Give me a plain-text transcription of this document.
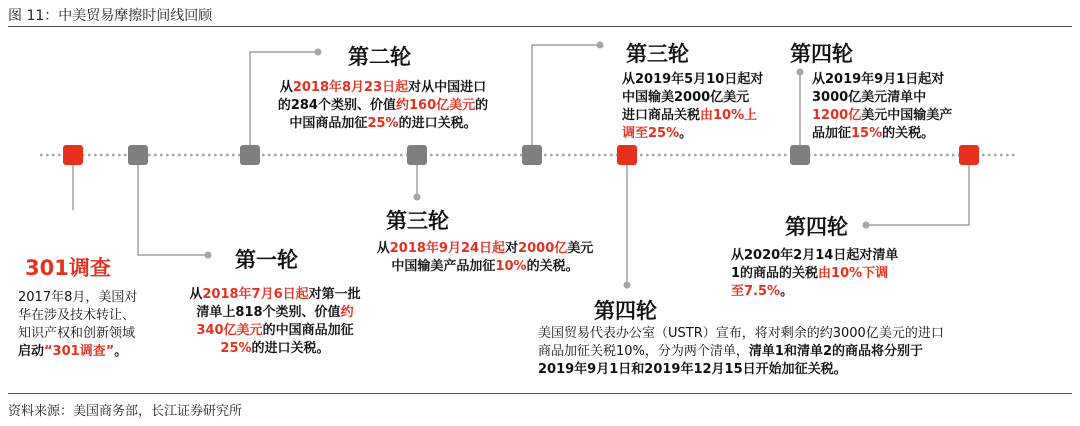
图 11：中美贸易摩擦时间线回顾
301调查
2017年8月，美国对
华在涉及技术转让、
知识产权和创新领域
启动“301调查”。
第一轮
从2018年7月6日起对第一批
清单上818个类别、价值约
340亿美元的中国商品加征
25%的进口关税。
第二轮
从2018年8月23日起对从中国进口
的284个类别、价值约160亿美元的
中国商品加征25%的进口关税。
第三轮
从2018年9月24日起对2000亿美元
中国输美产品加征10%的关税。
第三轮
从2019年5月10日起对
中国输美2000亿美元
进口商品关税由10%上
调至25%。
第四轮
从2019年9月1日起对
3000亿美元清单中
1200亿美元中国输美产
品加征15%的关税。
第四轮
从2020年2月14日起对清单
1的商品的关税由10%下调
至7.5%。
第四轮
美国贸易代表办公室（USTR）宣布，将对剩余的约3000亿美元的进口
商品加征关税10%，分为两个清单，清单1和清单2的商品将分别于
2019年9月1日和2019年12月15日开始加征关税。
资料来源：美国商务部，长江证券研究所
